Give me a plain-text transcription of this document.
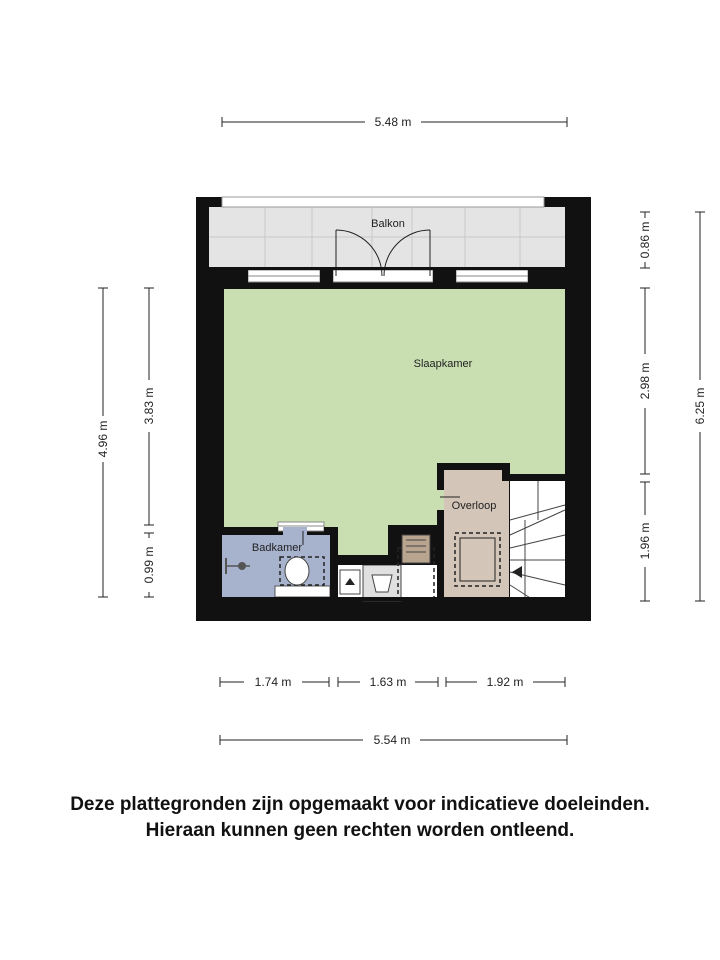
Balkon
Slaapkamer
Overloop
Badkamer
5.48 m
1.74 m	1.63 m	1.92 m
5.54 m
4.96 m
3.83 m
0.99 m
0.86 m
2.98 m
1.96 m
6.25 m
Deze plattegronden zijn opgemaakt voor indicatieve doeleinden.
Hieraan kunnen geen rechten worden ontleend.
